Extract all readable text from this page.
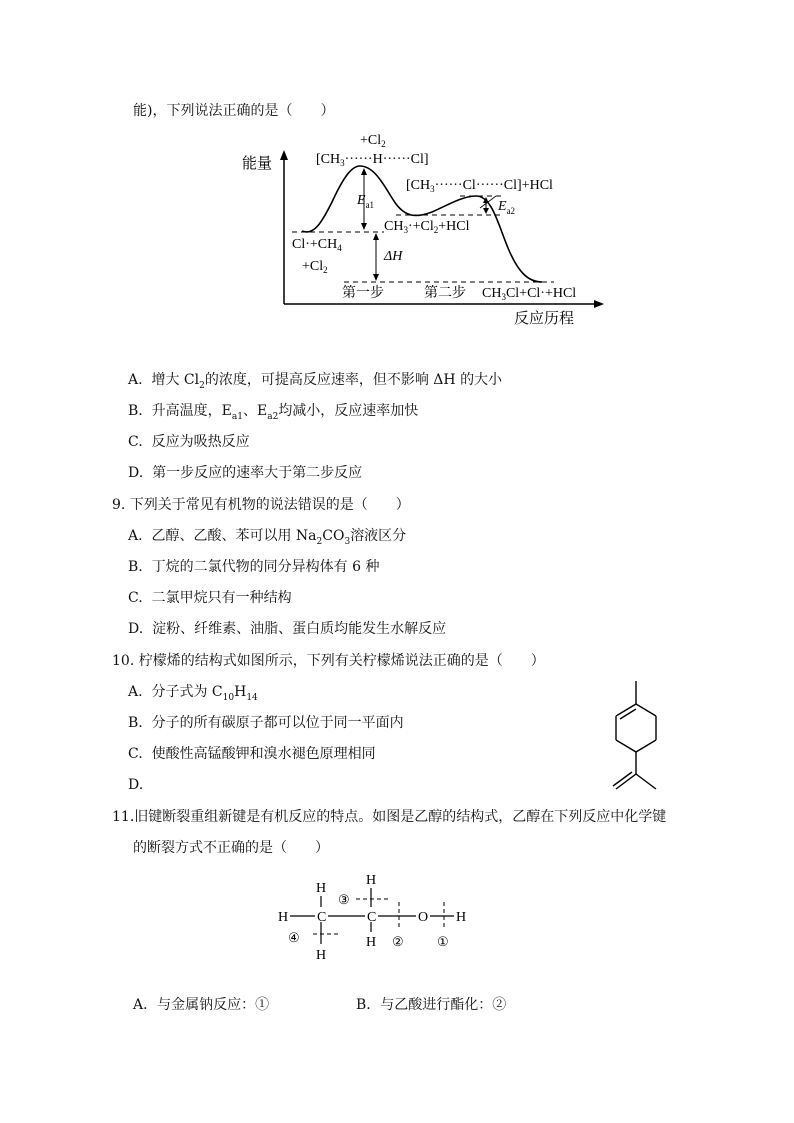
能)，下列说法正确的是（　　）
能量
反应历程
$+Cl_2$
$[CH_3\cdot\cdot\cdot\cdot\cdot\cdot H\cdot\cdot\cdot\cdot\cdot\cdot Cl]$
$[CH_3\cdot\cdot\cdot\cdot\cdot\cdot Cl\cdot\cdot\cdot\cdot\cdot\cdot Cl]+HCl$
$E_{a1}$	$E_{a2}$
$CH_3\cdot+Cl_2+HCl$
$Cl\cdot+CH_4$
$+Cl_2$
ΔH
第一步	第二步 $CH_3Cl+Cl\cdot+HCl$
A. 增大 $Cl_2$的浓度，可提高反应速率，但不影响 ΔH 的大小
B. 升高温度，$E_{a1}$、$E_{a2}$均减小，反应速率加快
C. 反应为吸热反应
D. 第一步反应的速率大于第二步反应
9. 下列关于常见有机物的说法错误的是（　　）
A. 乙醇、乙酸、苯可以用 $Na_2CO_3$溶液区分
B. 丁烷的二氯代物的同分异构体有 6 种
C. 二氯甲烷只有一种结构
D. 淀粉、纤维素、油脂、蛋白质均能发生水解反应
10. 柠檬烯的结构式如图所示，下列有关柠檬烯说法正确的是（　　）
A. 分子式为 $C_{10}H_{14}$
B. 分子的所有碳原子都可以位于同一平面内
C. 使酸性高锰酸钾和溴水褪色原理相同
D.
11.旧键断裂重组新键是有机反应的特点。如图是乙醇的结构式，乙醇在下列反应中化学键
的断裂方式不正确的是（　　）
H
H C
H
H
C
H
O H
③
④	②	①
A．与金属钠反应：①	B．与乙酸进行酯化：②
